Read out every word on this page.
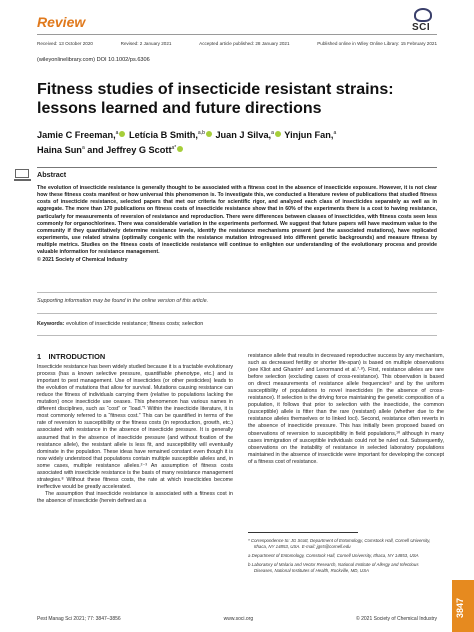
Review	SCI
Received: 13 October 2020	Revised: 2 January 2021	Accepted article published: 28 January 2021	Published online in Wiley Online Library: 15 February 2021
(wileyonlinelibrary.com) DOI 10.1002/ps.6306
Fitness studies of insecticide resistant strains: lessons learned and future directions
Jamie C Freeman,$^a$ Letícia B Smith,$^{a,b}$ Juan J Silva,$^a$ Yinjun Fan,$^a$
Haina Sun$^a$ and Jeffrey G Scott$^{a*}$
Abstract
The evolution of insecticide resistance is generally thought to be associated with a fitness cost in the absence of insecticide exposure. However, it is not clear how these fitness costs manifest or how universal this phenomenon is. To investigate this, we conducted a literature review of publications that studied fitness costs of insecticide resistance, selected papers that met our criteria for scientific rigor, and analyzed each class of insecticides separately as well as in aggregate. The more than 170 publications on fitness costs of insecticide resistance show that in 60% of the experiments there is a cost to having resistance, particularly for measurements of reversion of resistance and reproduction. There were differences between classes of insecticides, with fitness costs seen less commonly for organochlorines. There was considerable variation in the experiments performed. We suggest that future papers will have maximum value to the community if they quantitatively determine resistance levels, identify the resistance mechanisms present (and the associated mutations), have replicated experiments, use related strains (optimally congenic with the resistance mutation introgressed into different genetic backgrounds) and measure fitness by multiple metrics. Studies on the fitness costs of insecticide resistance will continue to enlighten our understanding of the evolutionary process and provide valuable information for resistance management.
© 2021 Society of Chemical Industry
Supporting information may be found in the online version of this article.
Keywords: evolution of insecticide resistance; fitness costs; selection
1 INTRODUCTION

Insecticide resistance has been widely studied because it is a tractable evolutionary process (has a known selective pressure, quantifiable phenotype, etc.) and is important to pest management. Use of insecticides (or other pesticides) leads to the evolution of mutations that allow for survival. Mutations causing resistance can reduce the fitness of individuals carrying them (relative to populations lacking the mutation) once insecticide use ceases. This phenomenon has various names in different disciplines, such as “cost” or “load.”¹ Within the insecticide literature, it is most commonly referred to a “fitness cost.” This can be quantified in terms of the rate of reversion to susceptibility or the fitness costs (in reproduction, growth, etc.) associated with resistance in the absence of insecticide pressure. It is generally assumed that in the absence of insecticide pressure (and without fixation of the resistance allele), the resistant allele is less fit, and susceptibility will eventually dominate in the population. These ideas have remained constant even though it is now widely understood that populations contain multiple susceptible alleles and, in some cases, multiple resistance alleles.²⁻³ An assumption of fitness costs associated with insecticide resistance is the basis of many resistance management strategies.⁸ Without these fitness costs, the rate at which insecticides become ineffective would be greatly accelerated.

The assumption that insecticide resistance is associated with a fitness cost in the absence of insecticide (herein defined as a

resistance allele that results in decreased reproductive success by any mechanism, such as decreased fertility or shorter life-span) is based on multiple observations (see Kliot and Ghanim¹ and Lenormand et al.⁷·⁸). First, resistance alleles are rare before selection (excluding cases of cross-resistance). This observation is based on direct measurements of resistance allele frequencies⁹ and by the uniform susceptibility of populations to novel insecticides (in the absence of cross-resistance). If selection is the driving force maintaining the genetic composition of a population, it follows that prior to selection with the insecticide, the common (susceptible) allele is fitter than the rare (resistant) allele (whether due to the resistance alleles themselves or to linked loci). Second, resistance often reverts in the absence of insecticide pressure. This has initially been proposed based on observations of reversion to susceptibility in field populations,¹⁰ although in many cases immigration of susceptible individuals could not be ruled out. Subsequently, observations on the instability of resistance in selected laboratory populations maintained in the absence of insecticide were important for developing the concept of a fitness cost of resistance.

* Correspondence to: JG Scott, Department of Entomology, Comstock Hall, Cornell University, Ithaca, NY 14853, USA. E-mail: jgs5@cornell.edu

a Department of Entomology, Comstock Hall, Cornell University, Ithaca, NY 14853, USA

b Laboratory of Malaria and Vector Research, National Institute of Allergy and Infectious Diseases, National Institutes of Health, Rockville, MD, USA

3847
Pest Manag Sci 2021; 77: 3847–3856	www.soci.org	© 2021 Society of Chemical Industry
